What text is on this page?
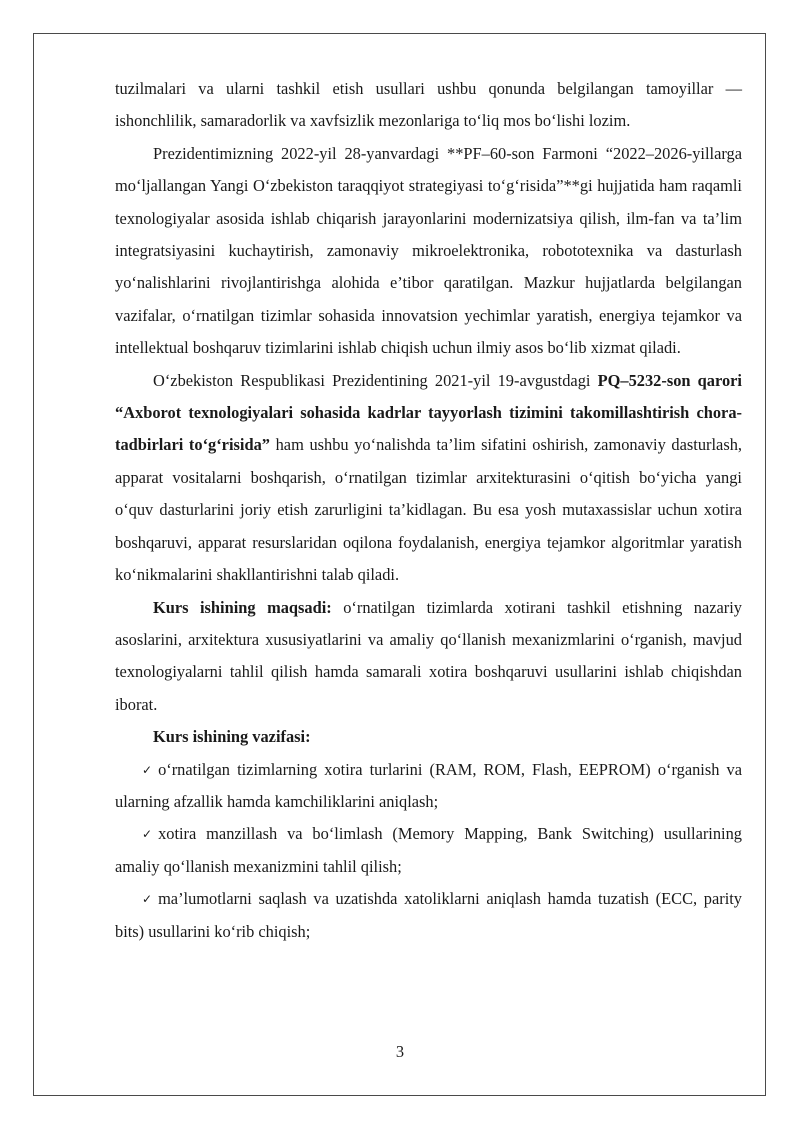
tuzilmalari va ularni tashkil etish usullari ushbu qonunda belgilangan tamoyillar — ishonchlilik, samaradorlik va xavfsizlik mezonlariga to‘liq mos bo‘lishi lozim.

Prezidentimizning 2022-yil 28-yanvardagi **PF–60-son Farmoni “2022–2026-yillarga mo‘ljallangan Yangi O‘zbekiston taraqqiyot strategiyasi to‘g‘risida”**gi hujjatida ham raqamli texnologiyalar asosida ishlab chiqarish jarayonlarini modernizatsiya qilish, ilm-fan va ta’lim integratsiyasini kuchaytirish, zamonaviy mikroelektronika, robototexnika va dasturlash yo‘nalishlarini rivojlantirishga alohida e’tibor qaratilgan. Mazkur hujjatlarda belgilangan vazifalar, o‘rnatilgan tizimlar sohasida innovatsion yechimlar yaratish, energiya tejamkor va intellektual boshqaruv tizimlarini ishlab chiqish uchun ilmiy asos bo‘lib xizmat qiladi.

O‘zbekiston Respublikasi Prezidentining 2021-yil 19-avgustdagi PQ–5232-son qarori “Axborot texnologiyalari sohasida kadrlar tayyorlash tizimini takomillashtirish chora-tadbirlari to‘g‘risida” ham ushbu yo‘nalishda ta’lim sifatini oshirish, zamonaviy dasturlash, apparat vositalarni boshqarish, o‘rnatilgan tizimlar arxitekturasini o‘qitish bo‘yicha yangi o‘quv dasturlarini joriy etish zarurligini ta’kidlagan. Bu esa yosh mutaxassislar uchun xotira boshqaruvi, apparat resurslaridan oqilona foydalanish, energiya tejamkor algoritmlar yaratish ko‘nikmalarini shakllantirishni talab qiladi.

Kurs ishining maqsadi: o‘rnatilgan tizimlarda xotirani tashkil etishning nazariy asoslarini, arxitektura xususiyatlarini va amaliy qo‘llanish mexanizmlarini o‘rganish, mavjud texnologiyalarni tahlil qilish hamda samarali xotira boshqaruvi usullarini ishlab chiqishdan iborat.

Kurs ishining vazifasi:

✓ o‘rnatilgan tizimlarning xotira turlarini (RAM, ROM, Flash, EEPROM) o‘rganish va ularning afzallik hamda kamchiliklarini aniqlash;

✓ xotira manzillash va bo‘limlash (Memory Mapping, Bank Switching) usullarining amaliy qo‘llanish mexanizmini tahlil qilish;

✓ ma’lumotlarni saqlash va uzatishda xatoliklarni aniqlash hamda tuzatish (ECC, parity bits) usullarini ko‘rib chiqish;

3
